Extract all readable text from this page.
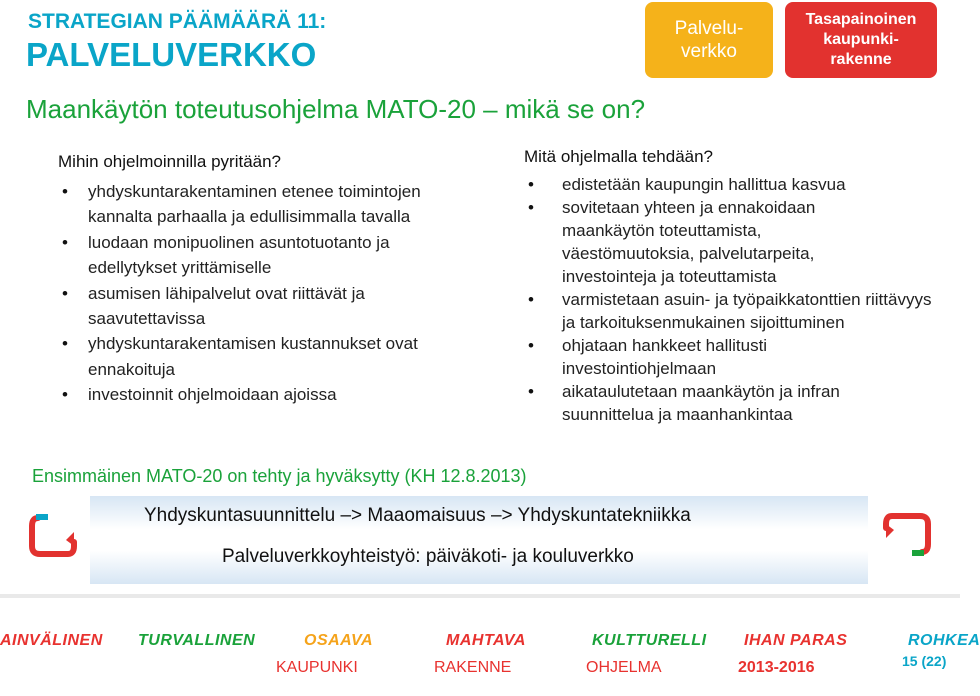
STRATEGIAN PÄÄMÄÄRÄ 11:
PALVELUVERKKO
Maankäytön toteutusohjelma MATO-20 – mikä se on?
Palvelu-
verkko
Tasapainoinen
kaupunki-
rakenne
Mihin ohjelmoinnilla pyritään?
• yhdyskuntarakentaminen etenee toimintojen kannalta parhaalla ja edullisimmalla tavalla
• luodaan monipuolinen asuntotuotanto ja edellytykset yrittämiselle
• asumisen lähipalvelut ovat riittävät ja saavutettavissa
• yhdyskuntarakentamisen kustannukset ovat ennakoituja
• investoinnit ohjelmoidaan ajoissa
Mitä ohjelmalla tehdään?
• edistetään kaupungin hallittua kasvua
• sovitetaan yhteen ja ennakoidaan maankäytön toteuttamista, väestömuutoksia, palvelutarpeita, investointeja ja toteuttamista
• varmistetaan asuin- ja työpaikkatonttien riittävyys ja tarkoituksenmukainen sijoittuminen
• ohjataan hankkeet hallitusti investointiohjelmaan
• aikataulutetaan maankäytön ja infran suunnittelua ja maanhankintaa
Ensimmäinen MATO-20 on tehty ja hyväksytty (KH 12.8.2013)
Yhdyskuntasuunnittelu –> Maaomaisuus –> Yhdyskuntatekniikka
Palveluverkkoyhteistyö: päiväkoti- ja kouluverkko
AINVÄLINEN TURVALLINEN	OSAAVA	MAHTAVA	KULTTURELLI IHAN PARAS	ROHKEA
KAUPUNKI	RAKENNE	OHJELMA	2013-2016	15 (22)
